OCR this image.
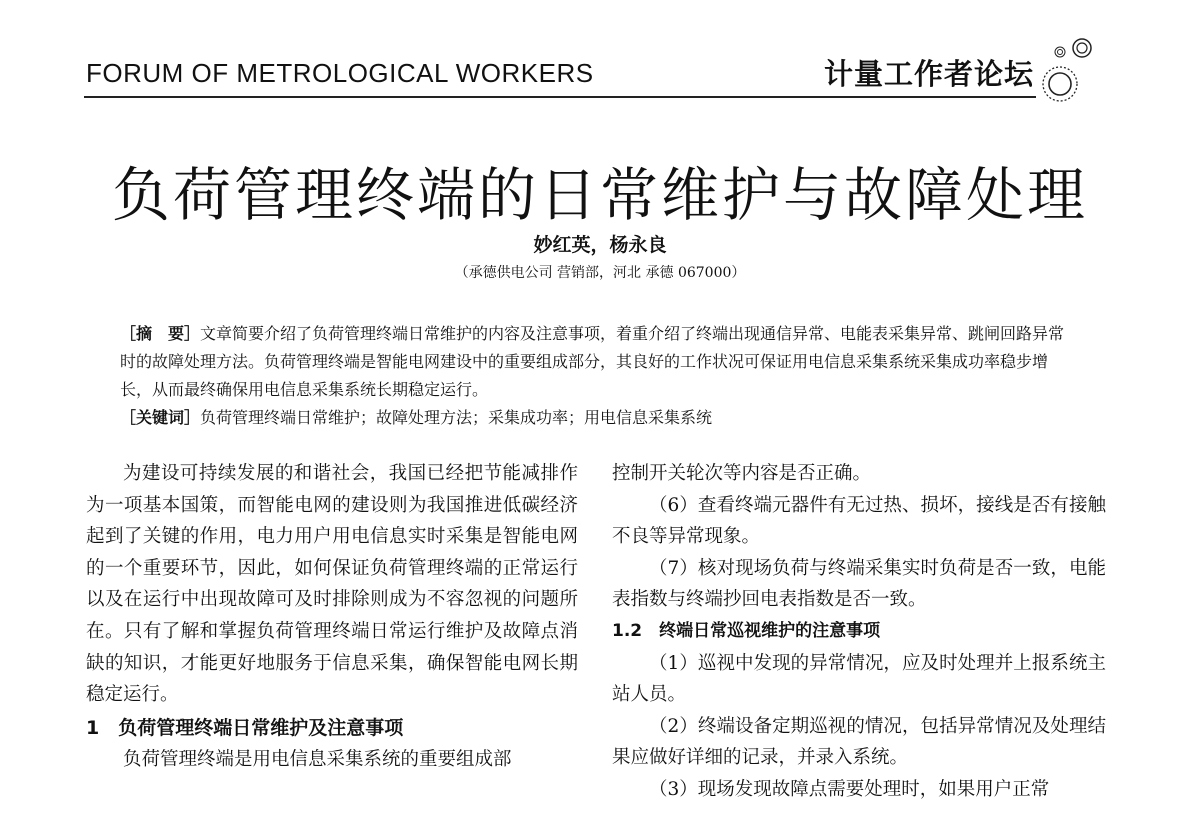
FORUM OF METROLOGICAL WORKERS	计量工作者论坛
负荷管理终端的日常维护与故障处理
妙红英，杨永良
（承德供电公司 营销部，河北 承德 067000）

［摘　要］文章简要介绍了负荷管理终端日常维护的内容及注意事项，着重介绍了终端出现通信异常、电能表采集异常、跳闸回路异常时的故障处理方法。负荷管理终端是智能电网建设中的重要组成部分，其良好的工作状况可保证用电信息采集系统采集成功率稳步增长，从而最终确保用电信息采集系统长期稳定运行。

［关键词］负荷管理终端日常维护；故障处理方法；采集成功率；用电信息采集系统

为建设可持续发展的和谐社会，我国已经把节能减排作为一项基本国策，而智能电网的建设则为我国推进低碳经济起到了关键的作用，电力用户用电信息实时采集是智能电网的一个重要环节，因此，如何保证负荷管理终端的正常运行以及在运行中出现故障可及时排除则成为不容忽视的问题所在。只有了解和掌握负荷管理终端日常运行维护及故障点消缺的知识，才能更好地服务于信息采集，确保智能电网长期稳定运行。

1　负荷管理终端日常维护及注意事项

负荷管理终端是用电信息采集系统的重要组成部

控制开关轮次等内容是否正确。

（6）查看终端元器件有无过热、损坏，接线是否有接触不良等异常现象。

（7）核对现场负荷与终端采集实时负荷是否一致，电能表指数与终端抄回电表指数是否一致。

1.2　终端日常巡视维护的注意事项

（1）巡视中发现的异常情况，应及时处理并上报系统主站人员。

（2）终端设备定期巡视的情况，包括异常情况及处理结果应做好详细的记录，并录入系统。

（3）现场发现故障点需要处理时，如果用户正常
